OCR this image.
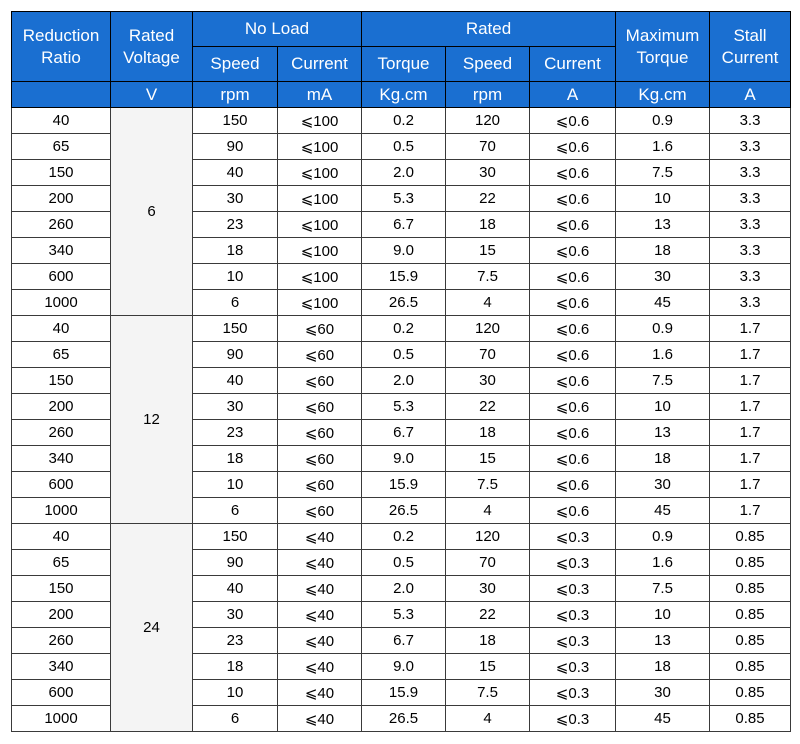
Reduction Ratio	Rated Voltage	No Load		Rated			Maximum Torque	Stall Current
		Speed	Current	Torque	Speed	Current		
	V	rpm	mA	Kg.cm	rpm	A	Kg.cm	A
40	6	150	⩽100	0.2	120	⩽0.6	0.9	3.3
65		90	⩽100	0.5	70	⩽0.6	1.6	3.3
150		40	⩽100	2.0	30	⩽0.6	7.5	3.3
200		30	⩽100	5.3	22	⩽0.6	10	3.3
260		23	⩽100	6.7	18	⩽0.6	13	3.3
340		18	⩽100	9.0	15	⩽0.6	18	3.3
600		10	⩽100	15.9	7.5	⩽0.6	30	3.3
1000		6	⩽100	26.5	4	⩽0.6	45	3.3
40	12	150	⩽60	0.2	120	⩽0.6	0.9	1.7
65		90	⩽60	0.5	70	⩽0.6	1.6	1.7
150		40	⩽60	2.0	30	⩽0.6	7.5	1.7
200		30	⩽60	5.3	22	⩽0.6	10	1.7
260		23	⩽60	6.7	18	⩽0.6	13	1.7
340		18	⩽60	9.0	15	⩽0.6	18	1.7
600		10	⩽60	15.9	7.5	⩽0.6	30	1.7
1000		6	⩽60	26.5	4	⩽0.6	45	1.7
40	24	150	⩽40	0.2	120	⩽0.3	0.9	0.85
65		90	⩽40	0.5	70	⩽0.3	1.6	0.85
150		40	⩽40	2.0	30	⩽0.3	7.5	0.85
200		30	⩽40	5.3	22	⩽0.3	10	0.85
260		23	⩽40	6.7	18	⩽0.3	13	0.85
340		18	⩽40	9.0	15	⩽0.3	18	0.85
600		10	⩽40	15.9	7.5	⩽0.3	30	0.85
1000		6	⩽40	26.5	4	⩽0.3	45	0.85
